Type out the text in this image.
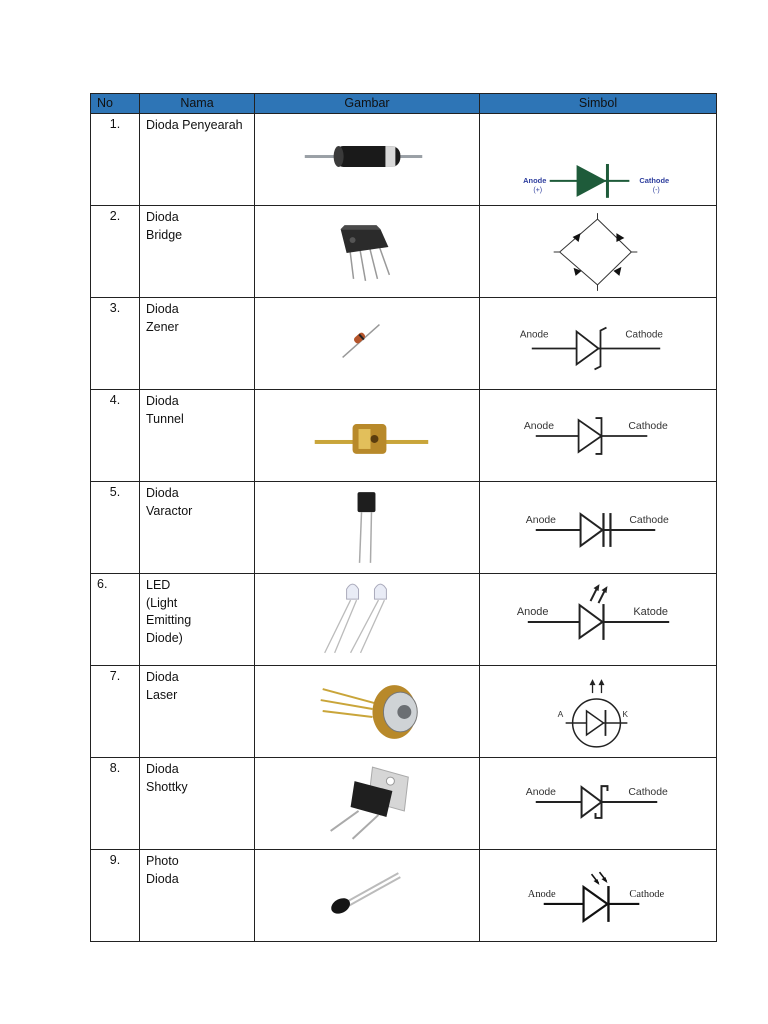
No	Nama	Gambar	Simbol
1.	Dioda Penyearah		Anode
(+)
Cathode
(-)

2.	Dioda
Bridge

3.	Dioda
Zener		Anode Cathode

4.	Dioda
Tunnel		Anode Cathode

5.	Dioda
Varactor		Anode Cathode

6.	LED
(Light
Emitting
Diode)		Anode Katode

7.	Dioda
Laser		A K

8.	Dioda
Shottky		Anode Cathode

9.	Photo
Dioda		Anode Cathode
